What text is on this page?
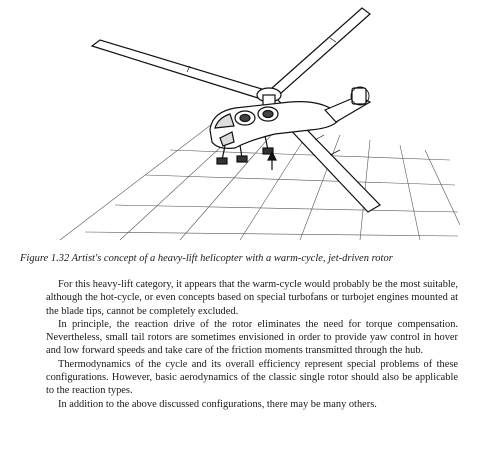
Figure 1.32 Artist's concept of a heavy-lift helicopter with a warm-cycle, jet-driven rotor

For this heavy-lift category, it appears that the warm-cycle would probably be the most suitable, although the hot-cycle, or even concepts based on special turbofans or turbojet engines mounted at the blade tips, cannot be completely excluded.

In principle, the reaction drive of the rotor eliminates the need for torque compensation. Nevertheless, small tail rotors are sometimes envisioned in order to provide yaw control in hover and low forward speeds and take care of the friction moments transmitted through the hub.

Thermodynamics of the cycle and its overall efficiency represent special problems of these configurations. However, basic aerodynamics of the classic single rotor should also be applicable to the reaction types.

In addition to the above discussed configurations, there may be many others.
